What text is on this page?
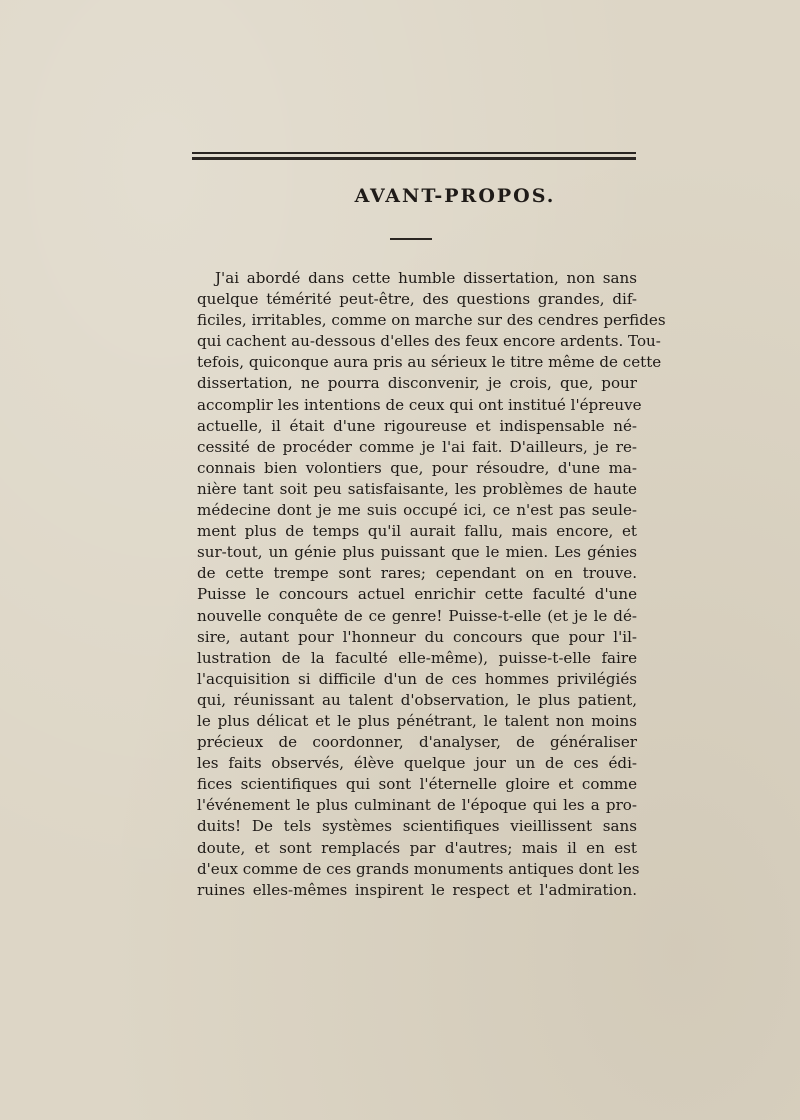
AVANT-PROPOS.
J'ai abordé dans cette humble dissertation, non sans
quelque témérité peut-être, des questions grandes, dif-
ficiles, irritables, comme on marche sur des cendres perfides
qui cachent au-dessous d'elles des feux encore ardents. Tou-
tefois, quiconque aura pris au sérieux le titre même de cette
dissertation, ne pourra disconvenir, je crois, que, pour
accomplir les intentions de ceux qui ont institué l'épreuve
actuelle, il était d'une rigoureuse et indispensable né-
cessité de procéder comme je l'ai fait. D'ailleurs, je re-
connais bien volontiers que, pour résoudre, d'une ma-
nière tant soit peu satisfaisante, les problèmes de haute
médecine dont je me suis occupé ici, ce n'est pas seule-
ment plus de temps qu'il aurait fallu, mais encore, et
sur-tout, un génie plus puissant que le mien. Les génies
de cette trempe sont rares; cependant on en trouve.
Puisse le concours actuel enrichir cette faculté d'une
nouvelle conquête de ce genre! Puisse-t-elle (et je le dé-
sire, autant pour l'honneur du concours que pour l'il-
lustration de la faculté elle-même), puisse-t-elle faire
l'acquisition si difficile d'un de ces hommes privilégiés
qui, réunissant au talent d'observation, le plus patient,
le plus délicat et le plus pénétrant, le talent non moins
précieux de coordonner, d'analyser, de généraliser
les faits observés, élève quelque jour un de ces édi-
fices scientifiques qui sont l'éternelle gloire et comme
l'événement le plus culminant de l'époque qui les a pro-
duits! De tels systèmes scientifiques vieillissent sans
doute, et sont remplacés par d'autres; mais il en est
d'eux comme de ces grands monuments antiques dont les
ruines elles-mêmes inspirent le respect et l'admiration.
